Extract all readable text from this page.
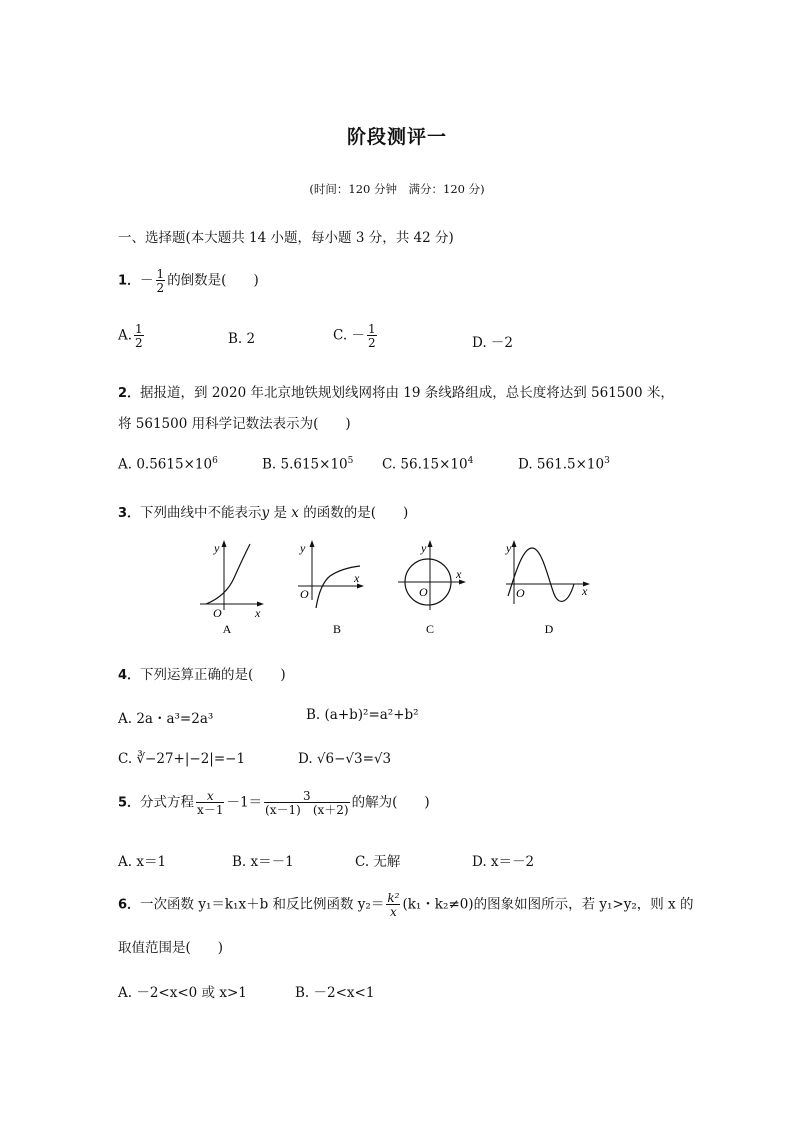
阶段测评一
(时间：120 分钟　满分：120 分)
一、选择题(本大题共 14 小题，每小题 3 分，共 42 分)
1．－ $\frac{1}{2}$ 的倒数是(　　)
A. $\frac{1}{2}$	B. 2	C. － $\frac{1}{2}$	D. －2
2．据报道，到 2020 年北京地铁规划线网将由 19 条线路组成，总长度将达到 561500 米，
将 561500 用科学记数法表示为(　　)
A. $0.5615\times 10^6$	B. $5.615\times 10^5$ C. $56.15\times 10^4$	D. $561.5\times 10^3$
3．下列曲线中不能表示y 是 x 的函数的是(　　)
y
x
O
A
y
x
O
B
y
x
O
C
y
x
O
D
4．下列运算正确的是(　　)
A. 2a・a³=2a³	B. (a+b)²=a²+b²
C. ∛−27+|−2|=−1	D. √6−√3=√3
5．分式方程 $\frac{x}{x-1} -1= \frac{3}{(x-1) (x+2)}$ 的解为(　　)
A. x＝1	B. x＝－1	C. 无解	D. x＝－2
6．一次函数 y₁＝k₁x＋b 和反比例函数 $y_2= \frac{\text{k²}}{x} (k_1$・k₂≠0)的图象如图所示，若 y₁>y₂，则 x 的
取值范围是(　　)
A. －2<x<0 或 x>1	B. －2<x<1
